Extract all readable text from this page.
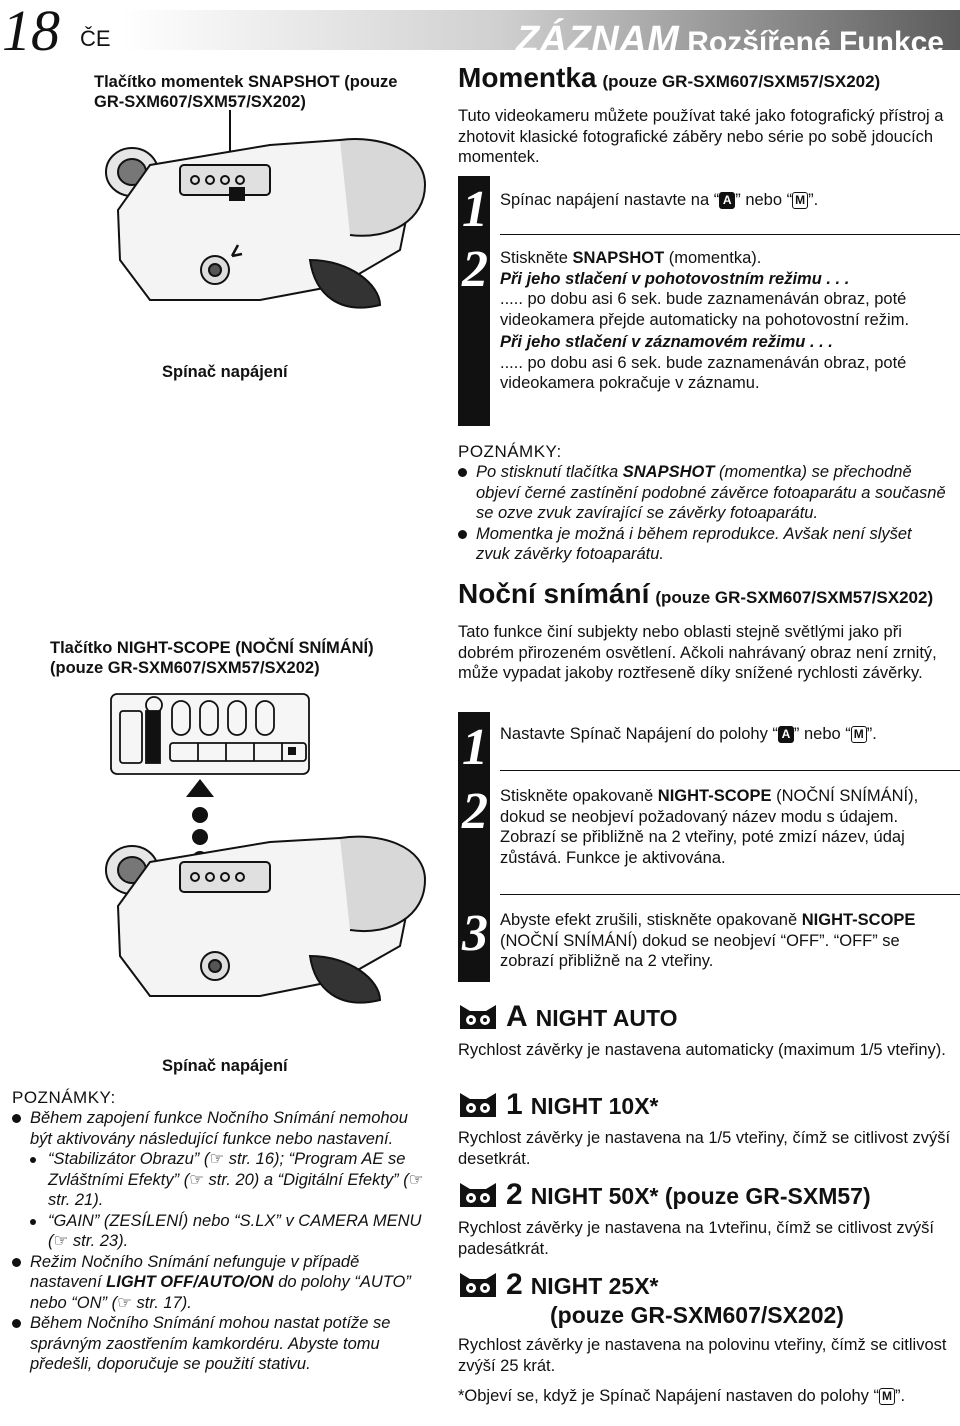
18 ČE	ZÁZNAM Rozšířené Funkce
Tlačítko momentek SNAPSHOT (pouze GR-SXM607/SXM57/SX202)
Spínač napájení
Tlačítko NIGHT-SCOPE (NOČNÍ SNÍMÁNÍ) (pouze GR-SXM607/SXM57/SX202)
Spínač napájení
POZNÁMKY:
Během zapojení funkce Nočního Snímání nemohou být aktivovány následující funkce nebo nastavení.
“Stabilizátor Obrazu” (☞ str. 16); “Program AE se Zvláštními Efekty” (☞ str. 20) a “Digitální Efekty” (☞ str. 21).
“GAIN” (ZESÍLENÍ) nebo “S.LX” v CAMERA MENU (☞ str. 23).
Režim Nočního Snímání nefunguje v případě nastavení LIGHT OFF/AUTO/ON do polohy “AUTO” nebo “ON” (☞ str. 17).
Během Nočního Snímání mohou nastat potíže se správným zaostřením kamkordéru. Abyste tomu předešli, doporučuje se použití stativu.
Momentka (pouze GR-SXM607/SXM57/SX202)
Tuto videokameru můžete používat také jako fotografický přístroj a zhotovit klasické fotografické záběry nebo série po sobě jdoucích momentek.
1
2
Spínac napájení nastavte na “ A ” nebo “ M ”.
Stiskněte SNAPSHOT (momentka).
Při jeho stlačení v pohotovostním režimu . . .
..... po dobu asi 6 sek. bude zaznamenáván obraz, poté videokamera přejde automaticky na pohotovostní režim.
Při jeho stlačení v záznamovém režimu . . .
..... po dobu asi 6 sek. bude zaznamenáván obraz, poté videokamera pokračuje v záznamu.
POZNÁMKY:
Po stisknutí tlačítka SNAPSHOT (momentka) se přechodně objeví černé zastínění podobné závěrce fotoaparátu a současně se ozve zvuk zavírající se závěrky fotoaparátu.
Momentka je možná i během reprodukce. Avšak není slyšet zvuk závěrky fotoaparátu.
Noční snímání (pouze GR-SXM607/SXM57/SX202)
Tato funkce činí subjekty nebo oblasti stejně světlými jako při dobrém přirozeném osvětlení. Ačkoli nahrávaný obraz není zrnitý, může vypadat jakoby roztřeseně díky snížené rychlosti závěrky.
1
2
3
Nastavte Spínač Napájení do polohy “ A ” nebo “ M ”.
Stiskněte opakovaně NIGHT-SCOPE (NOČNÍ SNÍMÁNÍ), dokud se neobjeví požadovaný název modu s údajem.
Zobrazí se přibližně na 2 vteřiny, poté zmizí název, údaj zůstává. Funkce je aktivována.
Abyste efekt zrušili, stiskněte opakovaně NIGHT-SCOPE (NOČNÍ SNÍMÁNÍ) dokud se neobjeví “OFF”. “OFF” se zobrazí přibližně na 2 vteřiny.
A NIGHT AUTO
Rychlost závěrky je nastavena automaticky (maximum 1/5 vteřiny).
1 NIGHT 10X*
Rychlost závěrky je nastavena na 1/5 vteřiny, čímž se citlivost zvýší desetkrát.
2 NIGHT 50X* (pouze GR-SXM57)
Rychlost závěrky je nastavena na 1vteřinu, čímž se citlivost zvýší padesátkrát.
2 NIGHT 25X*
(pouze GR-SXM607/SX202)
Rychlost závěrky je nastavena na polovinu vteřiny, čímž se citlivost zvýší 25 krát.
*Objeví se, když je Spínač Napájení nastaven do polohy “ M ”.
